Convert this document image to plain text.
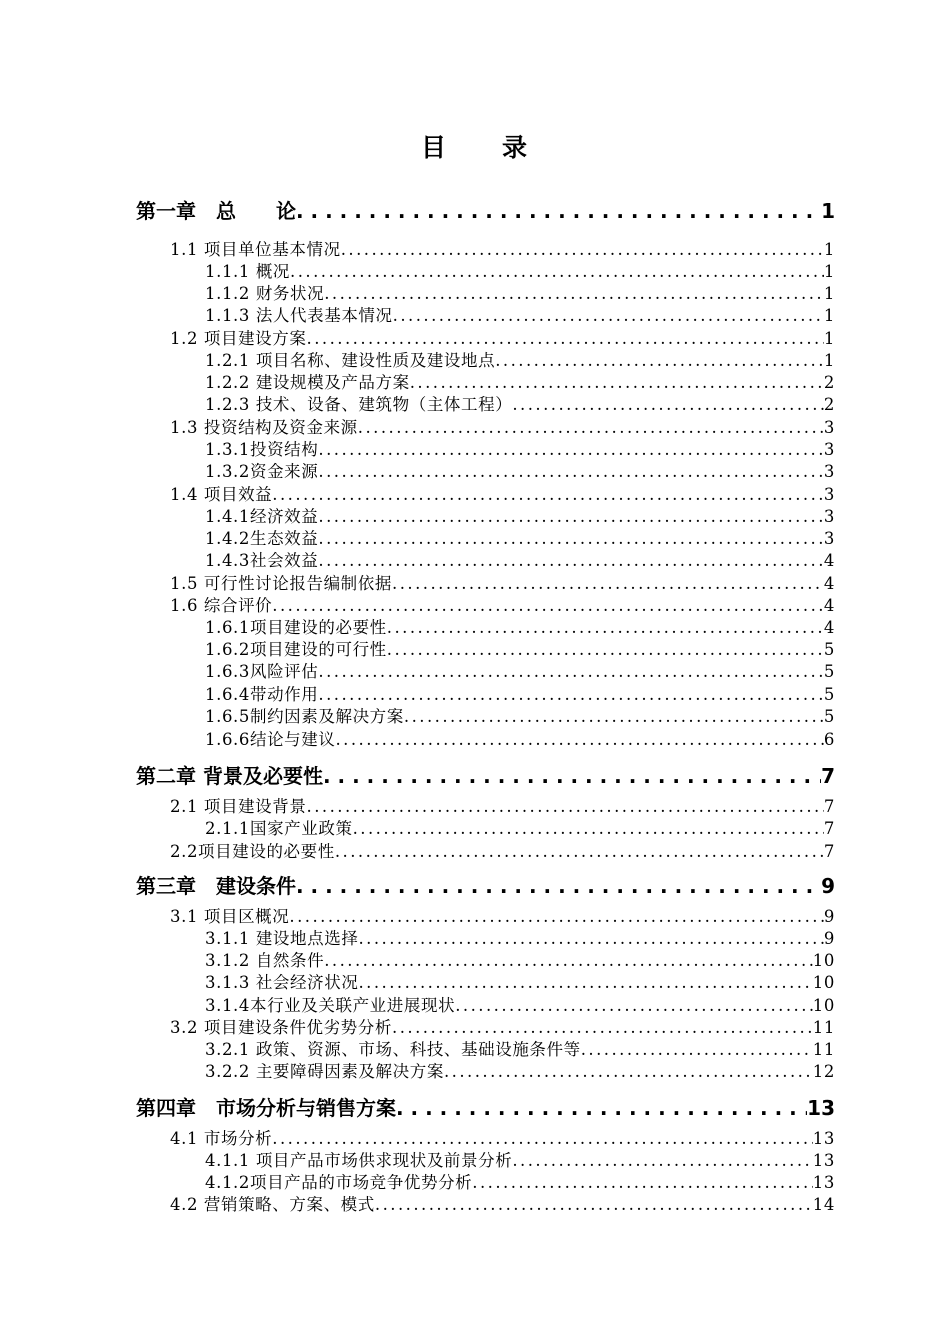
目　　录
第一章　总　　论 . . .	1
1.1 项目单位基本情况 . . .	1
1.1.1 概况 . . .	1
1.1.2 财务状况 . . .	1
1.1.3 法人代表基本情况 . . .	1
1.2 项目建设方案 . . .	1
1.2.1 项目名称、建设性质及建设地点 . . .	1
1.2.2 建设规模及产品方案 . . .	2
1.2.3 技术、设备、建筑物（主体工程） . . .	2
1.3 投资结构及资金来源 . . .	3
1.3.1投资结构 . . .	3
1.3.2资金来源 . . .	3
1.4 项目效益 . . .	3
1.4.1经济效益 . . .	3
1.4.2生态效益 . . .	3
1.4.3社会效益 . . .	4
1.5 可行性讨论报告编制依据 . . .	4
1.6 综合评价 . . .	4
1.6.1项目建设的必要性 . . .	4
1.6.2项目建设的可行性 . . .	5
1.6.3风险评估 . . .	5
1.6.4带动作用 . . .	5
1.6.5制约因素及解决方案 . . .	5
1.6.6结论与建议 . . .	6
第二章 背景及必要性 . . .	7
2.1 项目建设背景 . . .	7
2.1.1国家产业政策 . . .	7
2.2项目建设的必要性 . . .	7
第三章　建设条件 . . .	9
3.1 项目区概况 . . .	9
3.1.1 建设地点选择 . . .	9
3.1.2 自然条件 . . .	10
3.1.3 社会经济状况 . . .	10
3.1.4本行业及关联产业进展现状 . . .	10
3.2 项目建设条件优劣势分析 . . .	11
3.2.1 政策、资源、市场、科技、基础设施条件等 . . .	11
3.2.2 主要障碍因素及解决方案 . . .	12
第四章　市场分析与销售方案 . . .	13
4.1 市场分析 . . .	13
4.1.1 项目产品市场供求现状及前景分析 . . .	13
4.1.2项目产品的市场竞争优势分析 . . .	13
4.2 营销策略、方案、模式 . . .	14
